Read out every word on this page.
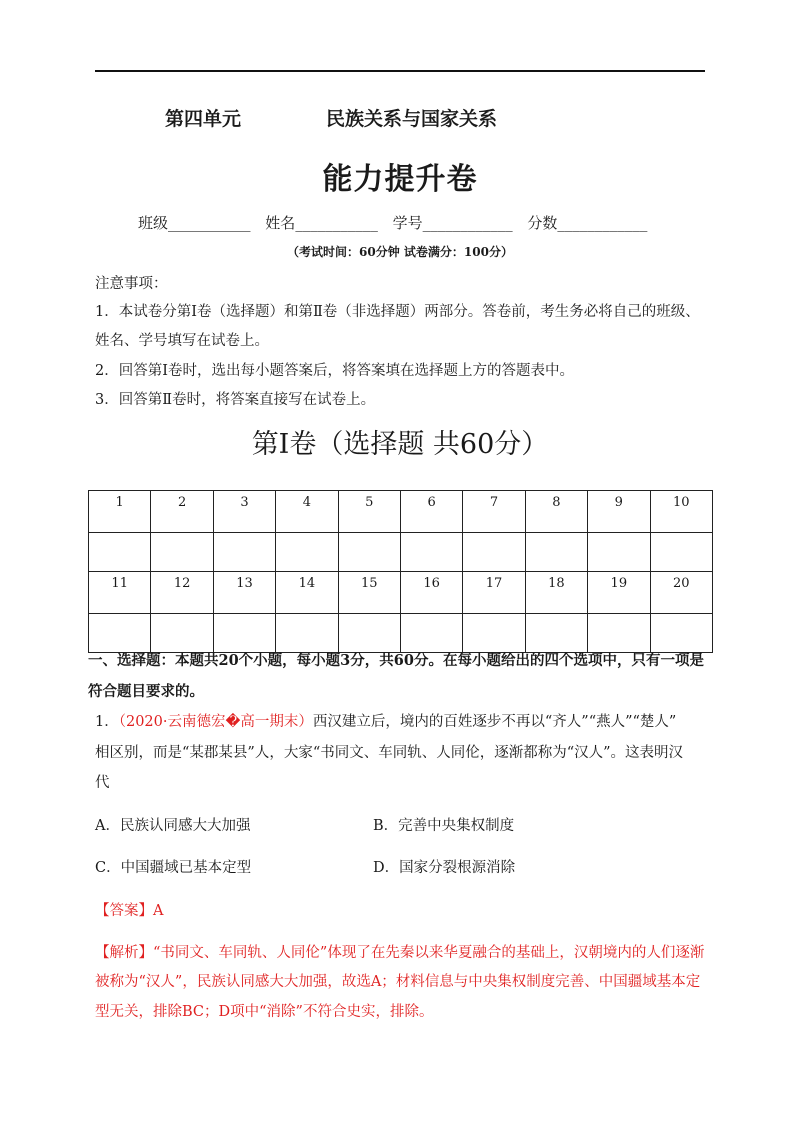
第四单元	民族关系与国家关系
能力提升卷
班级___________ 姓名___________ 学号____________ 分数____________
（考试时间：60分钟 试卷满分：100分）
注意事项：
1．本试卷分第Ⅰ卷（选择题）和第Ⅱ卷（非选择题）两部分。答卷前，考生务必将自己的班级、
姓名、学号填写在试卷上。
2．回答第Ⅰ卷时，选出每小题答案后，将答案填在选择题上方的答题表中。
3．回答第Ⅱ卷时，将答案直接写在试卷上。
第Ⅰ卷（选择题 共60分）
1	2	3	4	5	6	7	8	9	10

11	12	13	14	15	16	17	18	19	20

一、选择题：本题共20个小题，每小题3分，共60分。在每小题给出的四个选项中，只有一项是
符合题目要求的。
1．（2020·云南德宏�高一期末）西汉建立后，境内的百姓逐步不再以“齐人”“燕人”“楚人”
相区别，而是“某郡某县”人，大家“书同文、车同轨、人同伦，逐渐都称为“汉人”。这表明汉
代
A．民族认同感大大加强	B．完善中央集权制度
C．中国疆域已基本定型	D．国家分裂根源消除
【答案】A
【解析】“书同文、车同轨、人同伦”体现了在先秦以来华夏融合的基础上，汉朝境内的人们逐渐
被称为“汉人”，民族认同感大大加强，故选A；材料信息与中央集权制度完善、中国疆域基本定
型无关，排除BC；D项中“消除”不符合史实，排除。
